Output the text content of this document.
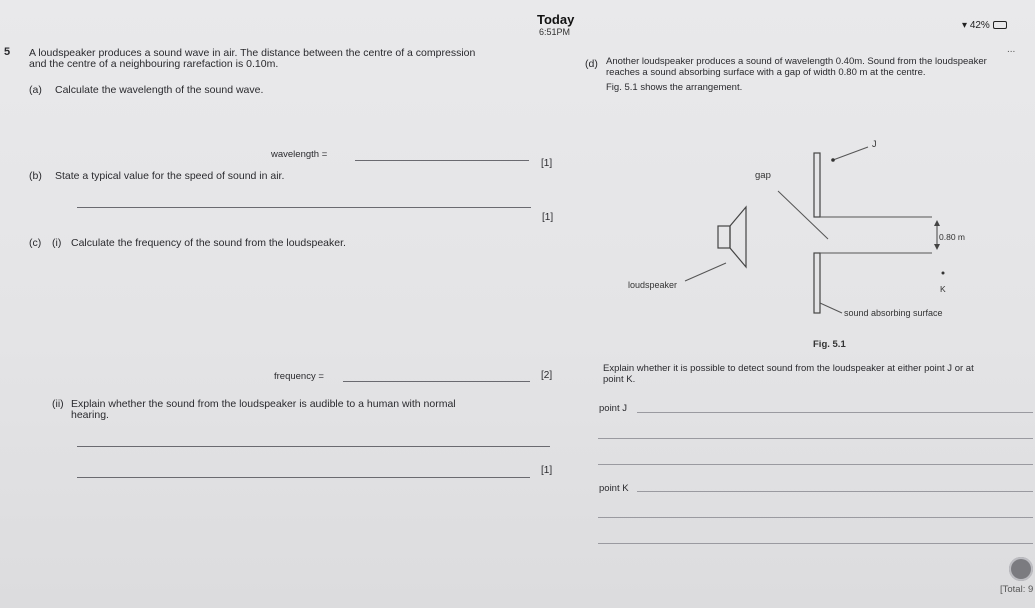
Today
6:51PM
▾ 42%
...
5 A loudspeaker produces a sound wave in air. The distance between the centre of a compression
and the centre of a neighbouring rarefaction is 0.10m.
(a) Calculate the wavelength of the sound wave.
wavelength =
[1]
(b) State a typical value for the speed of sound in air.
[1]
(c) (i) Calculate the frequency of the sound from the loudspeaker.
frequency =	[2]
(ii) Explain whether the sound from the loudspeaker is audible to a human with normal
hearing.
[1]
(d) Another loudspeaker produces a sound of wavelength 0.40m. Sound from the loudspeaker
reaches a sound absorbing surface with a gap of width 0.80 m at the centre.
Fig. 5.1 shows the arrangement.
J
gap
0.80 m
loudspeaker	K
sound absorbing surface
Fig. 5.1
Explain whether it is possible to detect sound from the loudspeaker at either point J or at
point K.
point J
point K
[Total: 9
